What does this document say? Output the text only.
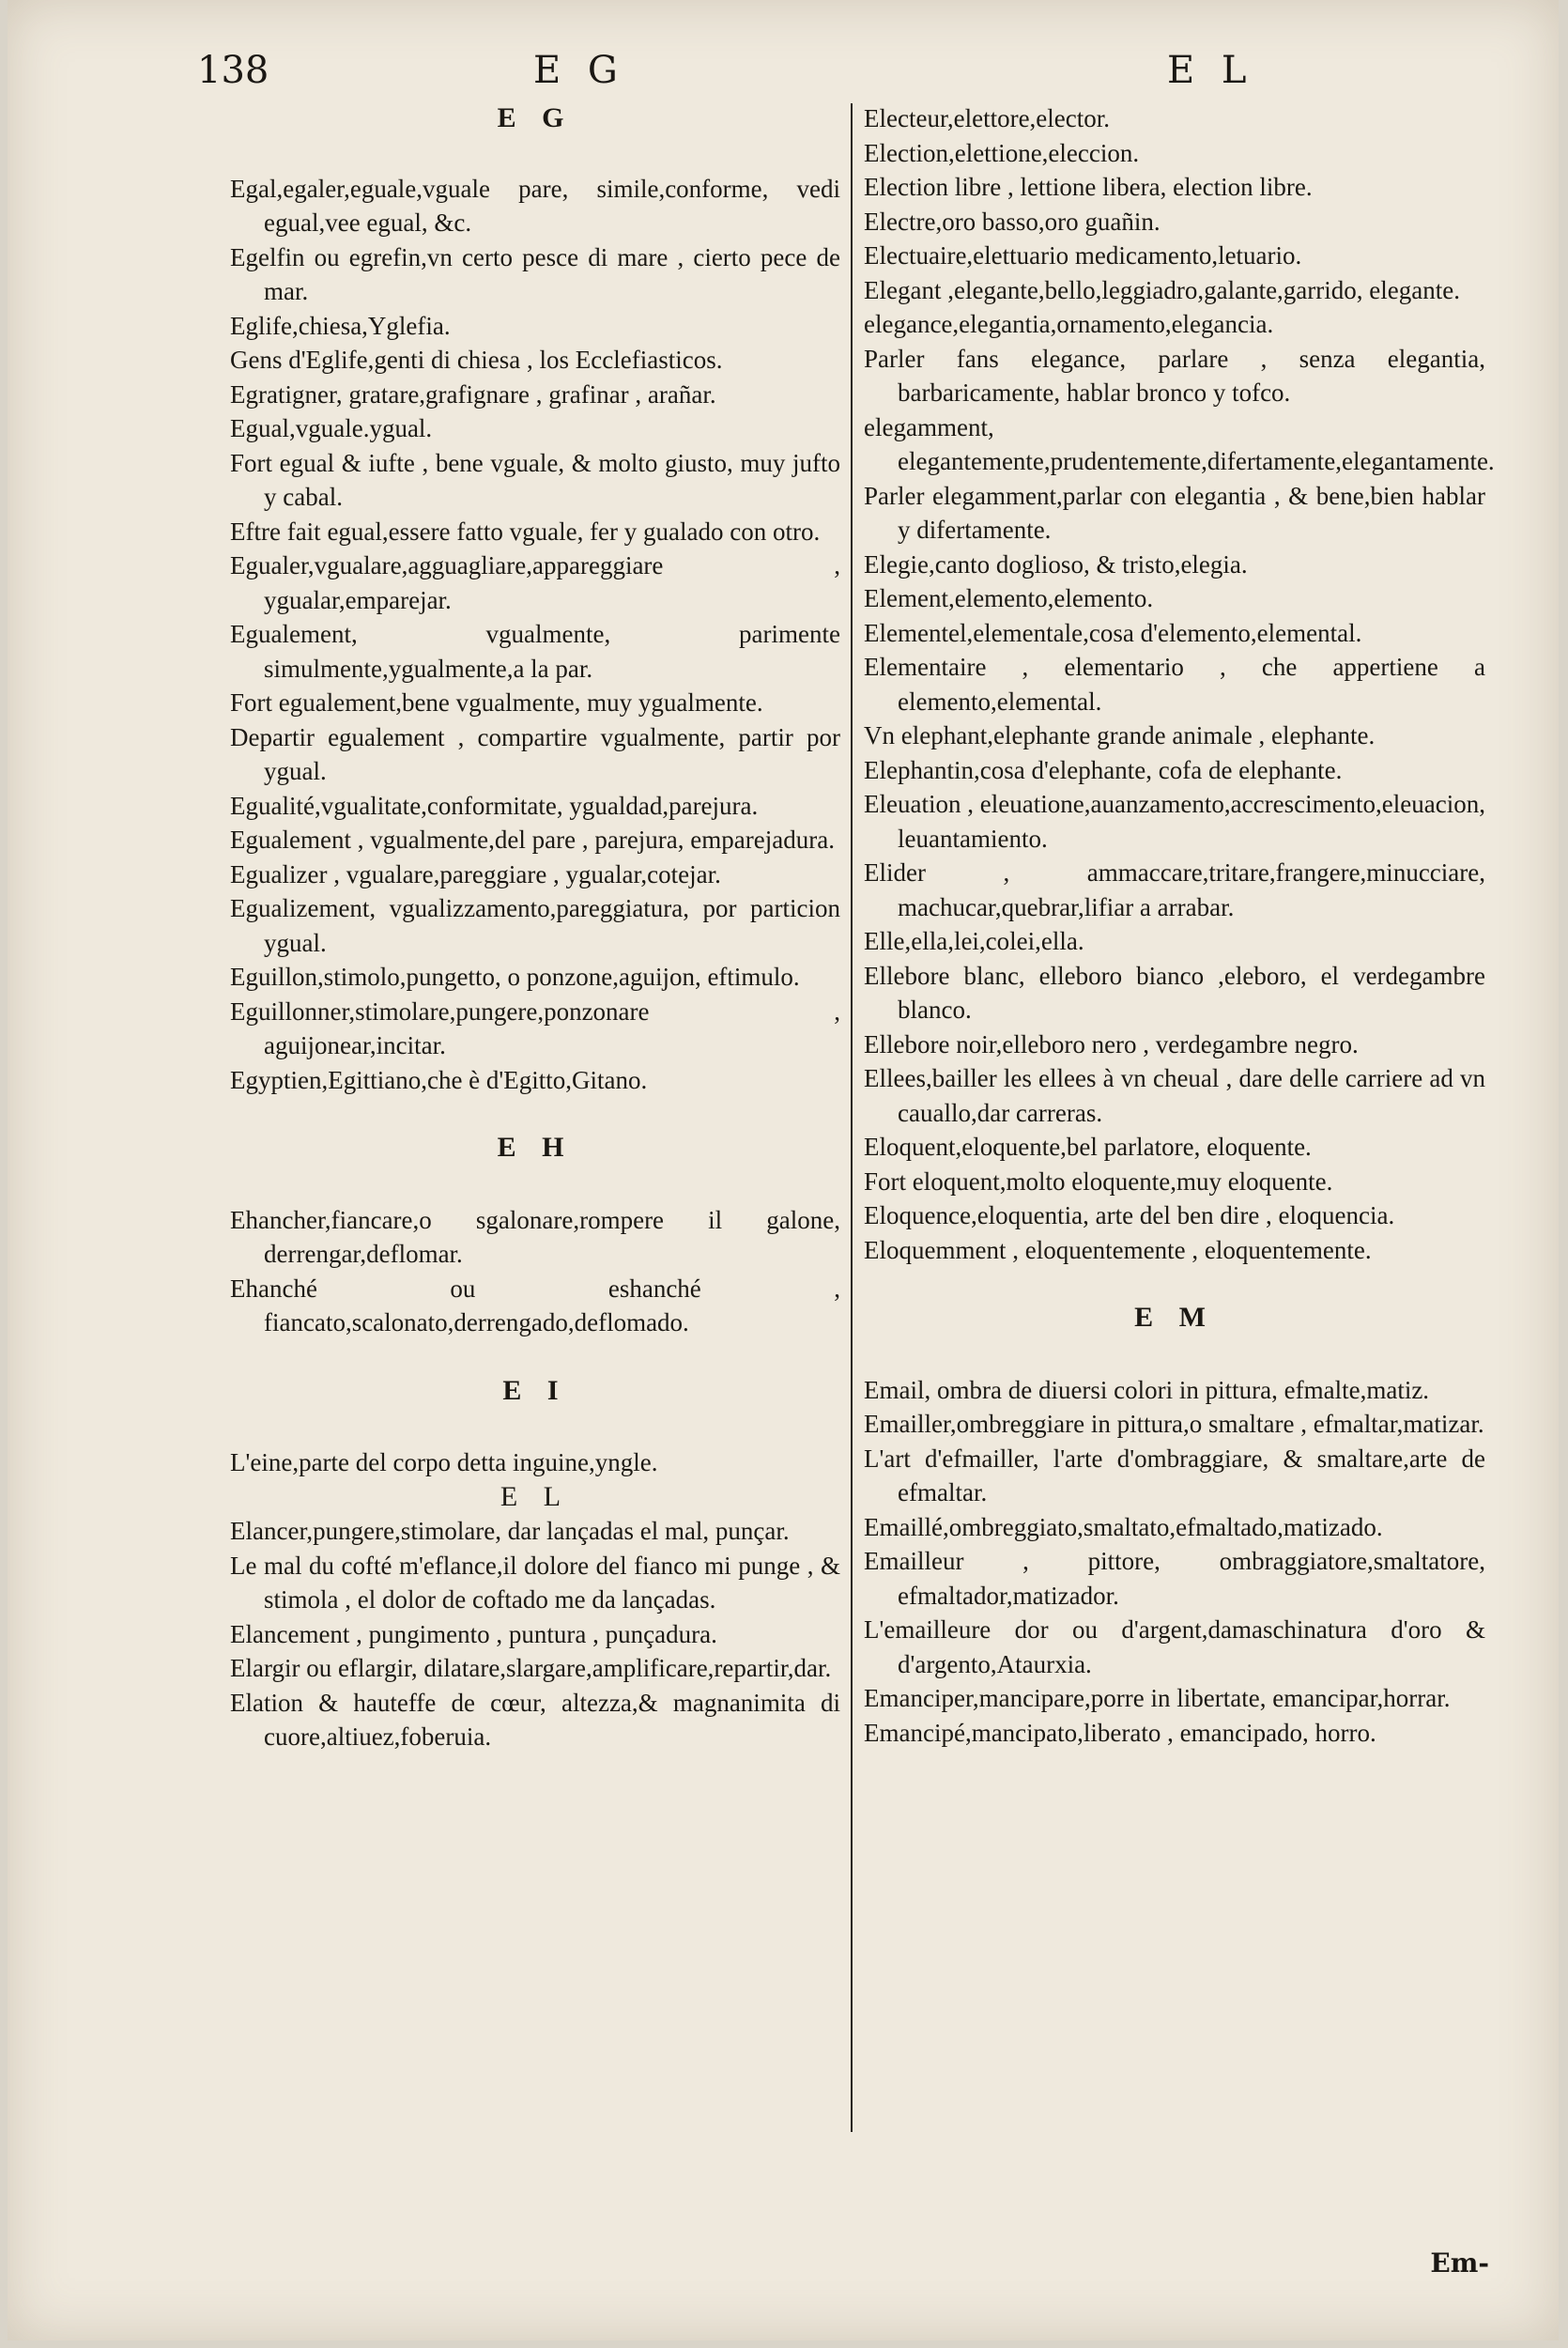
138	E G	E L
E G

Egal,egaler,eguale,vguale pare, simile,conforme, vedi egual,vee egual, &c.

Egelfin ou egrefin,vn certo pesce di mare , cierto pece de mar.

Eglife,chiesa,Yglefia.

Gens d'Eglife,genti di chiesa , los Ecclefiasticos.

Egratigner, gratare,grafignare , grafinar , arañar.

Egual,vguale.ygual.

Fort egual & iufte , bene vguale, & molto giusto, muy jufto y cabal.

Eftre fait egual,essere fatto vguale, fer y gualado con otro.

Egualer,vgualare,agguagliare,appareggiare , ygualar,emparejar.

Egualement, vgualmente, parimente simulmente,ygualmente,a la par.

Fort egualement,bene vgualmente, muy ygualmente.

Departir egualement , compartire vgualmente, partir por ygual.

Egualité,vgualitate,conformitate, ygualdad,parejura.

Egualement , vgualmente,del pare , parejura, emparejadura.

Egualizer , vgualare,pareggiare , ygualar,cotejar.

Egualizement, vgualizzamento,pareggiatura, por particion ygual.

Eguillon,stimolo,pungetto, o ponzone,aguijon, eftimulo.

Eguillonner,stimolare,pungere,ponzonare , aguijonear,incitar.

Egyptien,Egittiano,che è d'Egitto,Gitano.

E H

Ehancher,fiancare,o sgalonare,rompere il galone, derrengar,deflomar.

Ehanché ou eshanché , fiancato,scalonato,derrengado,deflomado.

E I

L'eine,parte del corpo detta inguine,yngle.

E L

Elancer,pungere,stimolare, dar lançadas el mal, punçar.

Le mal du cofté m'eflance,il dolore del fianco mi punge , & stimola , el dolor de coftado me da lançadas.

Elancement , pungimento , puntura , punçadura.

Elargir ou eflargir, dilatare,slargare,amplificare,repartir,dar.

Elation & hauteffe de cœur, altezza,& magnanimita di cuore,altiuez,foberuia.

Electeur,elettore,elector.

Election,elettione,eleccion.

Election libre , lettione libera, election libre.

Electre,oro basso,oro guañin.

Electuaire,elettuario medicamento,letuario.

Elegant ,elegante,bello,leggiadro,galante,garrido, elegante.

elegance,elegantia,ornamento,elegancia.

Parler fans elegance, parlare , senza elegantia, barbaricamente, hablar bronco y tofco.

elegamment, elegantemente,prudentemente,difertamente,elegantamente.

Parler elegamment,parlar con elegantia , & bene,bien hablar y difertamente.

Elegie,canto doglioso, & tristo,elegia.

Element,elemento,elemento.

Elementel,elementale,cosa d'elemento,elemental.

Elementaire , elementario , che appertiene a elemento,elemental.

Vn elephant,elephante grande animale , elephante.

Elephantin,cosa d'elephante, cofa de elephante.

Eleuation , eleuatione,auanzamento,accrescimento,eleuacion, leuantamiento.

Elider , ammaccare,tritare,frangere,minucciare, machucar,quebrar,lifiar a arrabar.

Elle,ella,lei,colei,ella.

Ellebore blanc, elleboro bianco ,eleboro, el verdegambre blanco.

Ellebore noir,elleboro nero , verdegambre negro.

Ellees,bailler les ellees à vn cheual , dare delle carriere ad vn cauallo,dar carreras.

Eloquent,eloquente,bel parlatore, eloquente.

Fort eloquent,molto eloquente,muy eloquente.

Eloquence,eloquentia, arte del ben dire , eloquencia.

Eloquemment , eloquentemente , eloquentemente.

E M

Email, ombra de diuersi colori in pittura, efmalte,matiz.

Emailler,ombreggiare in pittura,o smaltare , efmaltar,matizar.

L'art d'efmailler, l'arte d'ombraggiare, & smaltare,arte de efmaltar.

Emaillé,ombreggiato,smaltato,efmaltado,matizado.

Emailleur , pittore, ombraggiatore,smaltatore, efmaltador,matizador.

L'emailleure dor ou d'argent,damaschinatura d'oro & d'argento,Ataurxia.

Emanciper,mancipare,porre in libertate, emancipar,horrar.

Emancipé,mancipato,liberato , emancipado, horro.

Em-
